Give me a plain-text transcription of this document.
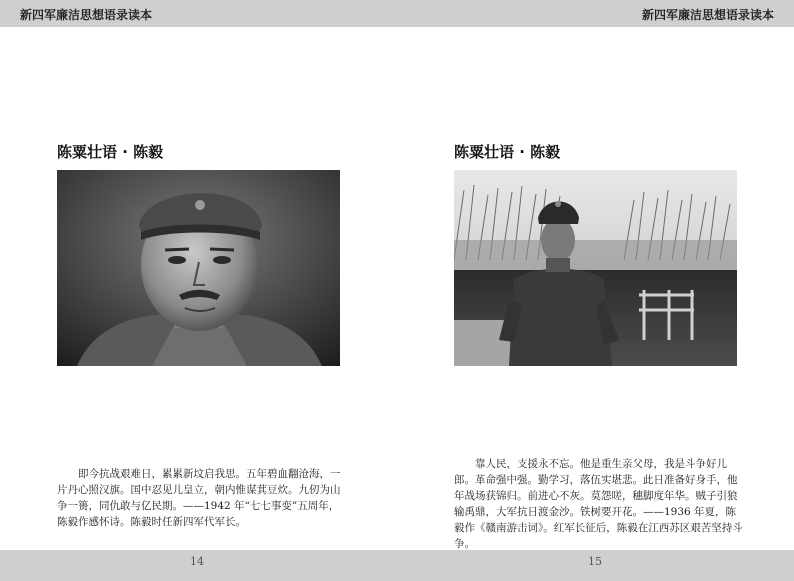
新四军廉洁思想语录读本	新四军廉洁思想语录读本
陈粟壮语 · 陈毅

即今抗战艰难日，累累新坟启我思。五年碧血翻沧海，一片丹心照汉旗。国中忍见儿皇立，朝内惟谋萁豆炊。九仞为山争一篑，同仇敢与亿民期。——1942 年“七七事变”五周年，陈毅作感怀诗。陈毅时任新四军代军长。

陈粟壮语 · 陈毅

靠人民，支援永不忘。他是重生亲父母，我是斗争好儿郎。革命强中强。勤学习，落伍实堪悲。此日准备好身手，他年战场获锦归。前进心不灰。莫怨嗟，穗脚度年华。贼子引狼输禹鼎，大军抗日渡金沙。铁树要开花。——1936 年夏，陈毅作《赣南游击词》。红军长征后，陈毅在江西苏区艰苦坚持斗争。

14	15
